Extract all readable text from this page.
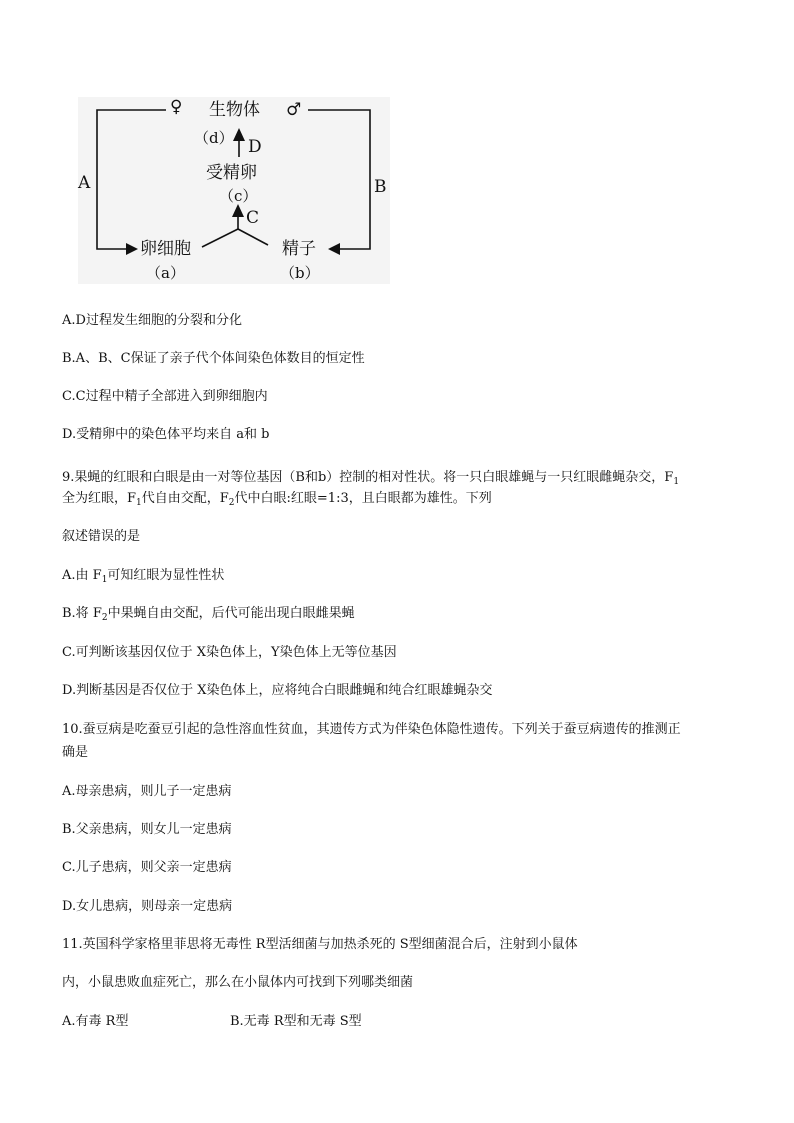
♀ 生物体 ♂
（d） D
受精卵
（c）
C
A	B
卵细胞
（a）
精子
（b）
A.D过程发生细胞的分裂和分化
B.A、B、C保证了亲子代个体间染色体数目的恒定性
C.C过程中精子全部进入到卵细胞内
D.受精卵中的染色体平均来自 a和 b
9.果蝇的红眼和白眼是由一对等位基因（B和b）控制的相对性状。将一只白眼雄蝇与一只红眼雌蝇杂交，$F_1$
全为红眼，$F_1$代自由交配，$F_2$代中白眼:红眼=1:3，且白眼都为雄性。下列
叙述错误的是
A.由 $F_1$可知红眼为显性性状
B.将 $F_2$中果蝇自由交配，后代可能出现白眼雌果蝇
C.可判断该基因仅位于 X染色体上，Y染色体上无等位基因
D.判断基因是否仅位于 X染色体上，应将纯合白眼雌蝇和纯合红眼雄蝇杂交
10.蚕豆病是吃蚕豆引起的急性溶血性贫血，其遗传方式为伴染色体隐性遗传。下列关于蚕豆病遗传的推测正
确是
A.母亲患病，则儿子一定患病
B.父亲患病，则女儿一定患病
C.儿子患病，则父亲一定患病
D.女儿患病，则母亲一定患病
11.英国科学家格里菲思将无毒性 R型活细菌与加热杀死的 S型细菌混合后，注射到小鼠体
内，小鼠患败血症死亡，那么在小鼠体内可找到下列哪类细菌
A.有毒 R型	B.无毒 R型和无毒 S型
